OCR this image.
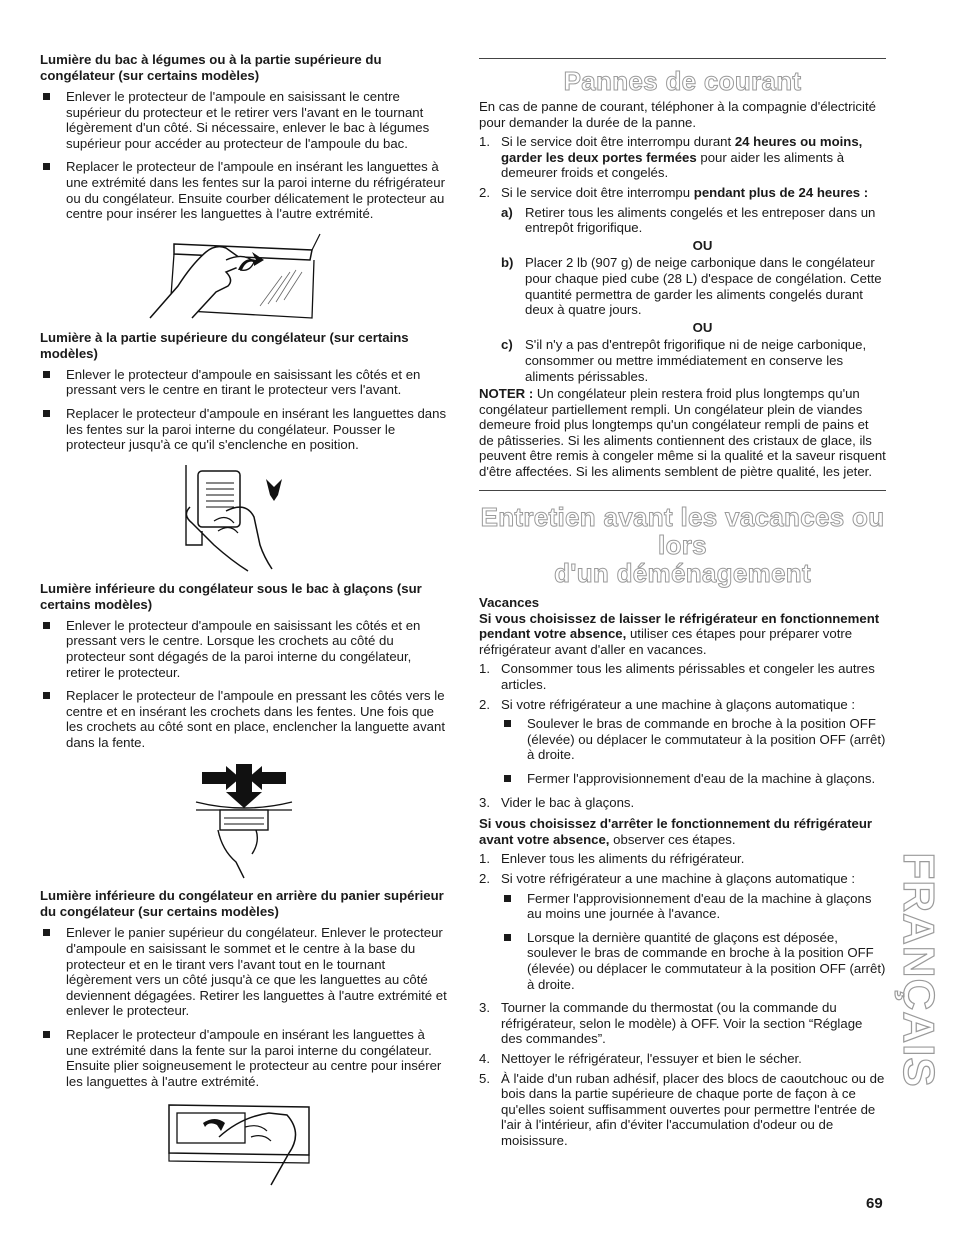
Lumière du bac à légumes ou à la partie supérieure du congélateur (sur certains modèles)
Enlever le protecteur de l'ampoule en saisissant le centre supérieur du protecteur et le retirer vers l'avant en le tournant légèrement d'un côté. Si nécessaire, enlever le bac à légumes supérieur pour accéder au protecteur de l'ampoule du bac.
Replacer le protecteur de l'ampoule en insérant les languettes à une extrémité dans les fentes sur la paroi interne du réfrigérateur ou du congélateur. Ensuite courber délicatement le protecteur au centre pour insérer les languettes à l'autre extrémité.
Lumière à la partie supérieure du congélateur (sur certains modèles)
Enlever le protecteur d'ampoule en saisissant les côtés et en pressant vers le centre en tirant le protecteur vers l'avant.
Replacer le protecteur d'ampoule en insérant les languettes dans les fentes sur la paroi interne du congélateur. Pousser le protecteur jusqu'à ce qu'il s'enclenche en position.
Lumière inférieure du congélateur sous le bac à glaçons (sur certains modèles)
Enlever le protecteur d'ampoule en saisissant les côtés et en pressant vers le centre. Lorsque les crochets au côté du protecteur sont dégagés de la paroi interne du congélateur, retirer le protecteur.
Replacer le protecteur de l'ampoule en pressant les côtés vers le centre et en insérant les crochets dans les fentes. Une fois que les crochets au côté sont en place, enclencher la languette avant dans la fente.
Lumière inférieure du congélateur en arrière du panier supérieur du congélateur (sur certains modèles)
Enlever le panier supérieur du congélateur. Enlever le protecteur d'ampoule en saisissant le sommet et le centre à la base du protecteur et en le tirant vers l'avant tout en le tournant légèrement vers un côté jusqu'à ce que les languettes au côté deviennent dégagées. Retirer les languettes à l'autre extrémité et enlever le protecteur.
Replacer le protecteur d'ampoule en insérant les languettes à une extrémité dans la fente sur la paroi interne du congélateur. Ensuite plier soigneusement le protecteur au centre pour insérer les languettes à l'autre extrémité.
Pannes de courant

En cas de panne de courant, téléphoner à la compagnie d'électricité pour demander la durée de la panne.

1. Si le service doit être interrompu durant 24 heures ou moins, garder les deux portes fermées pour aider les aliments à demeurer froids et congelés.
2. Si le service doit être interrompu pendant plus de 24 heures :
a) Retirer tous les aliments congelés et les entreposer dans un entrepôt frigorifique.
OU
b) Placer 2 lb (907 g) de neige carbonique dans le congélateur pour chaque pied cube (28 L) d'espace de congélation. Cette quantité permettra de garder les aliments congelés durant deux à quatre jours.
OU
c) S'il n'y a pas d'entrepôt frigorifique ni de neige carbonique, consommer ou mettre immédiatement en conserve les aliments périssables.

NOTER : Un congélateur plein restera froid plus longtemps qu'un congélateur partiellement rempli. Un congélateur plein de viandes demeure froid plus longtemps qu'un congélateur rempli de pains et de pâtisseries. Si les aliments contiennent des cristaux de glace, ils peuvent être remis à congeler même si la qualité et la saveur risquent d'être affectées. Si les aliments semblent de piètre qualité, les jeter.

Entretien avant les vacances ou lors
d'un déménagement
Vacances

Si vous choisissez de laisser le réfrigérateur en fonctionnement pendant votre absence, utiliser ces étapes pour préparer votre réfrigérateur avant d'aller en vacances.

1. Consommer tous les aliments périssables et congeler les autres articles.
2. Si votre réfrigérateur a une machine à glaçons automatique :
Soulever le bras de commande en broche à la position OFF (élevée) ou déplacer le commutateur à la position OFF (arrêt) à droite.
Fermer l'approvisionnement d'eau de la machine à glaçons.
3. Vider le bac à glaçons.

Si vous choisissez d'arrêter le fonctionnement du réfrigérateur avant votre absence, observer ces étapes.

1. Enlever tous les aliments du réfrigérateur.
2. Si votre réfrigérateur a une machine à glaçons automatique :
Fermer l'approvisionnement d'eau de la machine à glaçons au moins une journée à l'avance.
Lorsque la dernière quantité de glaçons est déposée, soulever le bras de commande en broche à la position OFF (élevée) ou déplacer le commutateur à la position OFF (arrêt) à droite.
3. Tourner la commande du thermostat (ou la commande du réfrigérateur, selon le modèle) à OFF. Voir la section “Réglage des commandes”.
4. Nettoyer le réfrigérateur, l'essuyer et bien le sécher.
5. À l'aide d'un ruban adhésif, placer des blocs de caoutchouc ou de bois dans la partie supérieure de chaque porte de façon à ce qu'elles soient suffisamment ouvertes pour permettre l'entrée de l'air à l'intérieur, afin d'éviter l'accumulation d'odeur ou de moisissure.
FRANÇAIS
69
